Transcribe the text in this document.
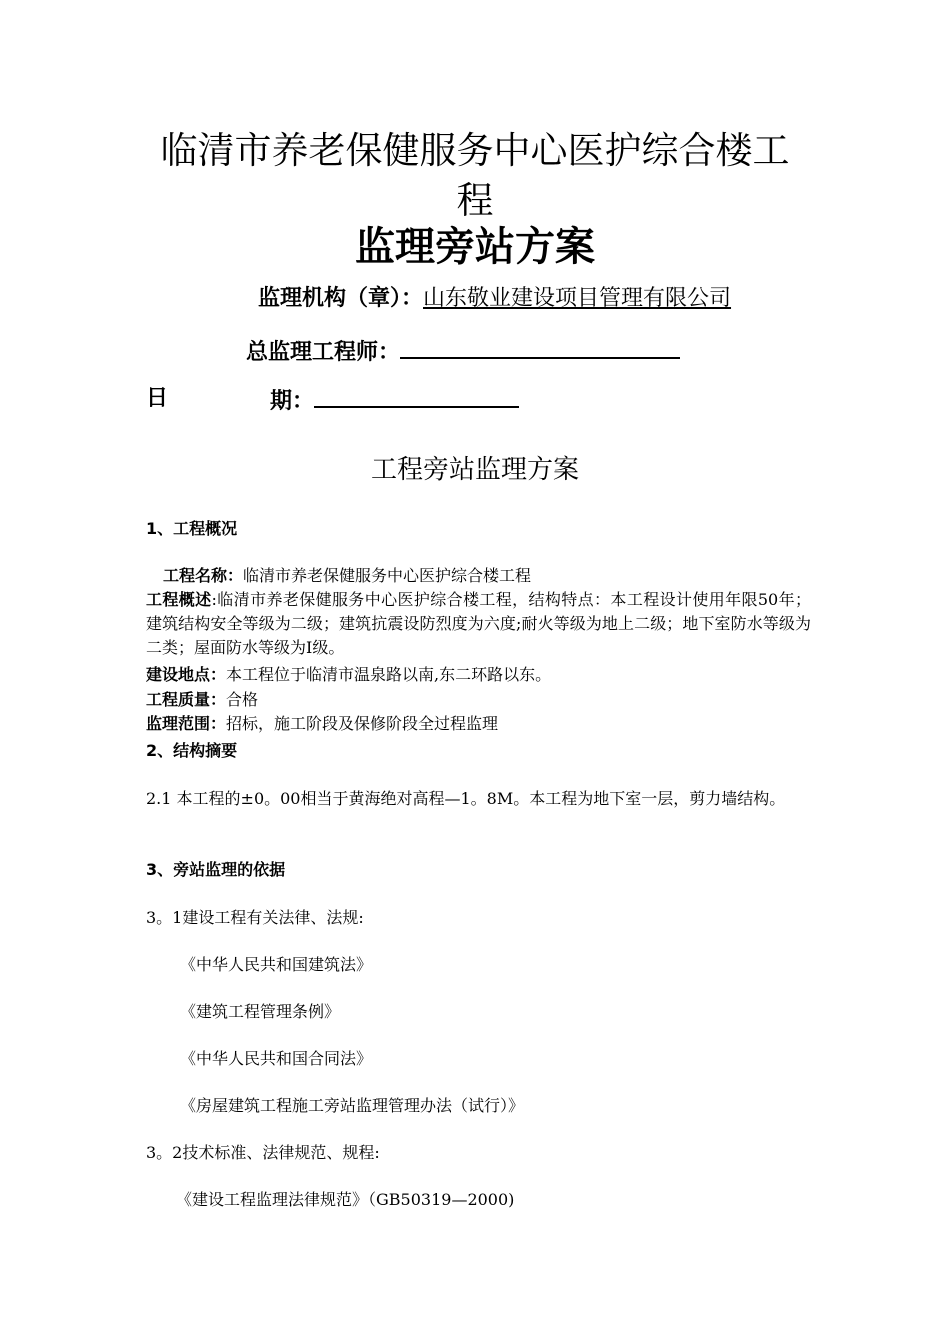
临清市养老保健服务中心医护综合楼工
程
监理旁站方案
监理机构（章）：山东敬业建设项目管理有限公司
总监理工程师：
日	期：
工程旁站监理方案
1、工程概况
工程名称：临清市养老保健服务中心医护综合楼工程
工程概述:临清市养老保健服务中心医护综合楼工程，结构特点：本工程设计使用年限50年；建筑结构安全等级为二级；建筑抗震设防烈度为六度;耐火等级为地上二级；地下室防水等级为二类；屋面防水等级为Ⅰ级。
建设地点：本工程位于临清市温泉路以南,东二环路以东。
工程质量：合格
监理范围：招标，施工阶段及保修阶段全过程监理
2、结构摘要
2.1 本工程的±0。00相当于黄海绝对高程—1。8M。本工程为地下室一层，剪力墙结构。
3、旁站监理的依据
3。1建设工程有关法律、法规:
《中华人民共和国建筑法》
《建筑工程管理条例》
《中华人民共和国合同法》
《房屋建筑工程施工旁站监理管理办法（试行）》
3。2技术标准、法律规范、规程:
《建设工程监理法律规范》（GB50319—2000)
